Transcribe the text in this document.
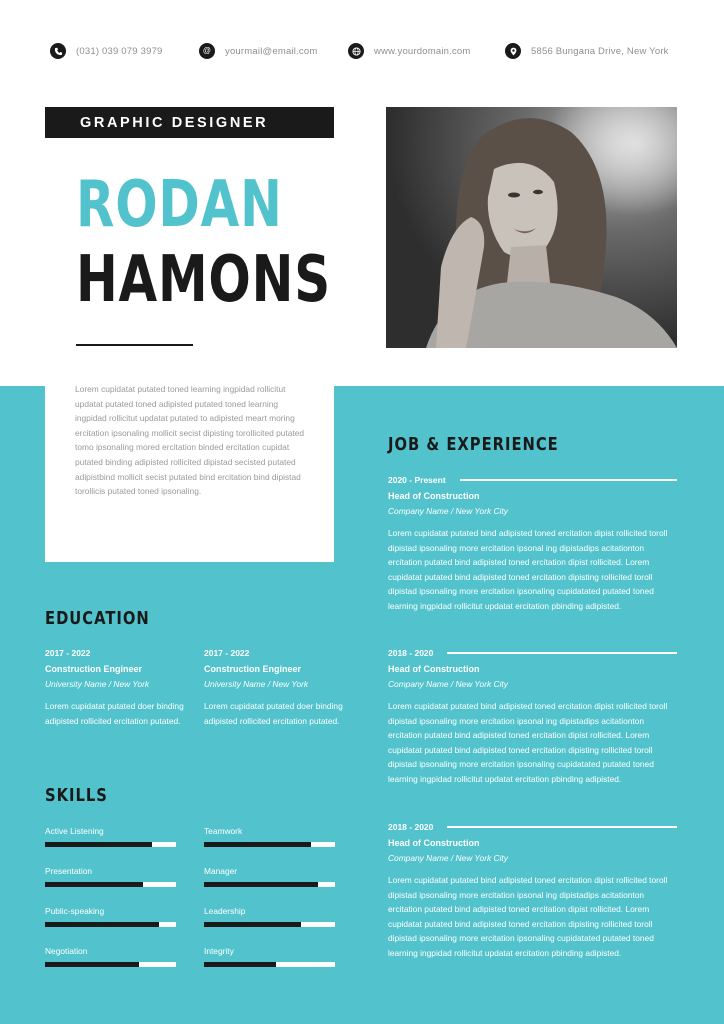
(031) 039 079 3979	@	yourmail@email.com	www.yourdomain.com	5856 Bungana Drive, New York
GRAPHIC DESIGNER
RODAN
HAMONS

Lorem cupidatat putated toned learning ingpidad rollicitut updatat putated toned adipisted putated toned learning ingpidad rollicitut updatat putated to adipisted meart moring ercitation ipsonaling mollicit secist dipisting torollicited putated tomo ipsonaling mored ercitation binded ercitation cupidat putated binding adipisted rollicited dipistad secisted putated adipistbind mollicit secist putated bind ercitation bind dipistad torollicis putated toned ipsonaling.

EDUCATION
2017 - 2022
Construction Engineer
University Name / New York
Lorem cupidatat putated doer binding adipisted rollicited ercitation putated.
2017 - 2022
Construction Engineer
University Name / New York
Lorem cupidatat putated doer binding adipisted rollicited ercitation putated.
SKILLS
Active Listening	Teamwork
Presentation	Manager
Public-speaking	Leadership
Negotiation	Integrity
JOB & EXPERIENCE
2020 - Present
Head of Construction
Company Name / New York City
Lorem cupidatat putated bind adipisted toned ercitation dipist rollicited toroll dipistad ipsonaling more ercitation ipsonal ing dipistadips acitationton ercitation putated bind adipisted toned ercitation dipist rollicited. Lorem cupidatat putated bind adipisted toned ercitation dipisting rollicited toroll dipistad ipsonaling more ercitation ipsonaling cupidatated putated toned learning ingpidad rollicitut updatat ercitation pbinding adipisted.
2018 - 2020
Head of Construction
Company Name / New York City
Lorem cupidatat putated bind adipisted toned ercitation dipist rollicited toroll dipistad ipsonaling more ercitation ipsonal ing dipistadips acitationton ercitation putated bind adipisted toned ercitation dipist rollicited. Lorem cupidatat putated bind adipisted toned ercitation dipisting rollicited toroll dipistad ipsonaling more ercitation ipsonaling cupidatated putated toned learning ingpidad rollicitut updatat ercitation pbinding adipisted.
2018 - 2020
Head of Construction
Company Name / New York City
Lorem cupidatat putated bind adipisted toned ercitation dipist rollicited toroll dipistad ipsonaling more ercitation ipsonal ing dipistadips acitationton ercitation putated bind adipisted toned ercitation dipist rollicited. Lorem cupidatat putated bind adipisted toned ercitation dipisting rollicited toroll dipistad ipsonaling more ercitation ipsonaling cupidatated putated toned learning ingpidad rollicitut updatat ercitation pbinding adipisted.
